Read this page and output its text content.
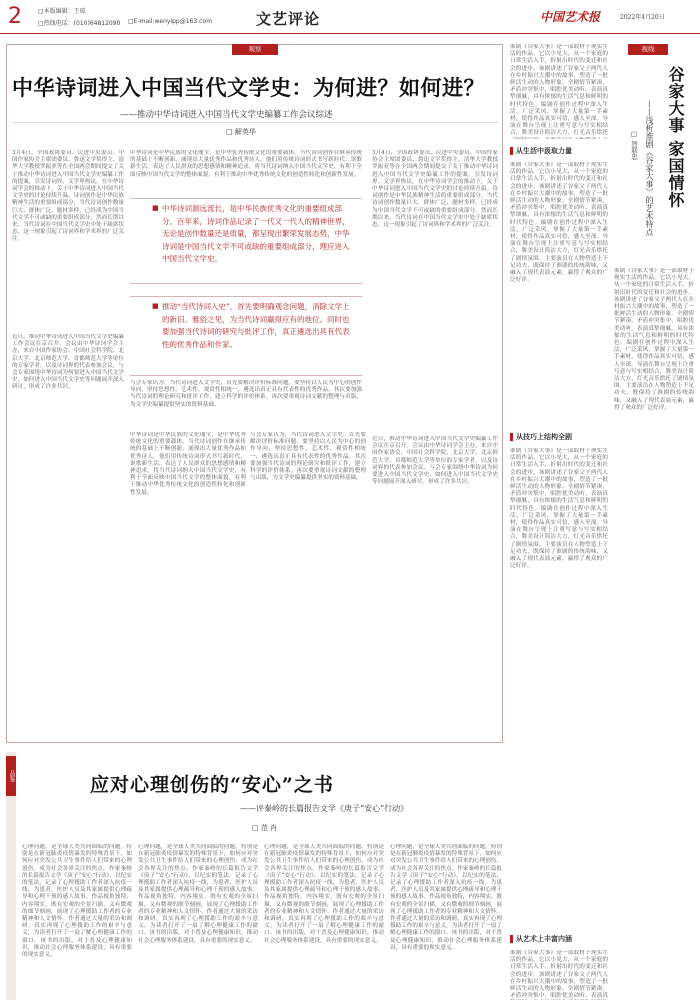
2	□本版编辑：王琼
□热线电话：(010)64812090 □E-mail:wenyipp@163.com	文艺评论	中国艺术报	2022年4月20日
观察
中华诗词进入中国当代文学史：为何进？如何进？
——推动中华诗词进入中国当代文学史编纂工作会议综述
□ 解英华
3月4日，全国政协委员、民进中央委员、中国作家协会主席团委员、鲁迅文学奖得主、清华大学教授罗振亚等在全国两会期间提交了关于推动中华诗词进入中国当代文学史编纂工作的提案，引发诗词界、文学界热议。在中华诗词学会的推动下，关于中华诗词进入中国当代文学史的讨论持续升温。诗词创作是中华民族精神生活的重要组成部分，当代诗词创作数量巨大、群体广泛、题材多样，已经成为中国当代文学不可或缺的重要组成部分。然而长期以来，当代诗词在中国当代文学史中处于缺席状态，这一现象引起了诗词界和学术界的广泛关注。
近日，推动中华诗词进入中国当代文学史编纂工作会议在京召开。会议由中华诗词学会主办，来自中国作家协会、中国社会科学院、北京大学、北京师范大学、首都师范大学等单位的专家学者，以及诗词界的代表参加会议。与会专家围绕中华诗词为何要进入中国当代文学史、如何进入中国当代文学史等问题展开深入研讨，形成了许多共识。
■ 中华诗词源远流长，是中华民族优秀文化的重要组成部分。百年来，诗词作品记录了一代又一代人的精神世界，无论是创作数量还是质量，都呈现出繁荣发展态势，中华诗词是中国当代文学不可或缺的重要组成部分，理应进入中国当代文学史。
■ 推动“当代诗词入史”，首先要明确观念问题，消除文学上的新旧、雅俗之见，为当代诗词赢得应有的地位。同时也要加强当代诗词的研究与批评工作，真正遴选出具有代表性的优秀作品和作家。
中华诗词是中华民族的文化瑰宝，是中华优秀传统文化的重要载体。当代诗词创作在继承传统的基础上不断创新，涌现出大量优秀作品和优秀诗人。他们用传统诗词形式书写新时代、讴歌新生活，表达了人民群众的思想感情和精神追求。将当代诗词纳入中国当代文学史，有利于全面反映中国当代文学的整体面貌，有利于推动中华优秀传统文化的创造性转化和创新性发展。
与会专家认为，当代诗词进入文学史，首先要解决评价标准问题。要坚持以人民为中心的创作导向，坚持思想性、艺术性、观赏性相统一，遴选出真正具有代表性的优秀作品。其次要加强当代诗词的理论研究和批评工作，建立科学的评价体系。再次要重视诗词文献的整理与出版，为文学史编纂提供坚实的资料基础。
3月4日，全国政协委员、民进中央委员、中国作家协会主席团委员、鲁迅文学奖得主、清华大学教授罗振亚等在全国两会期间提交了关于推动中华诗词进入中国当代文学史编纂工作的提案，引发诗词界、文学界热议。在中华诗词学会的推动下，关于中华诗词进入中国当代文学史的讨论持续升温。诗词创作是中华民族精神生活的重要组成部分，当代诗词创作数量巨大、群体广泛、题材多样，已经成为中国当代文学不可或缺的重要组成部分。然而长期以来，当代诗词在中国当代文学史中处于缺席状态，这一现象引起了诗词界和学术界的广泛关注。
中华诗词是中华民族的文化瑰宝，是中华优秀传统文化的重要载体。当代诗词创作在继承传统的基础上不断创新，涌现出大量优秀作品和优秀诗人。他们用传统诗词形式书写新时代、讴歌新生活，表达了人民群众的思想感情和精神追求。将当代诗词纳入中国当代文学史，有利于全面反映中国当代文学的整体面貌，有利于推动中华优秀传统文化的创造性转化和创新性发展。
与会专家认为，当代诗词进入文学史，首先要解决评价标准问题。要坚持以人民为中心的创作导向，坚持思想性、艺术性、观赏性相统一，遴选出真正具有代表性的优秀作品。其次要加强当代诗词的理论研究和批评工作，建立科学的评价体系。再次要重视诗词文献的整理与出版，为文学史编纂提供坚实的资料基础。
近日，推动中华诗词进入中国当代文学史编纂工作会议在京召开。会议由中华诗词学会主办，来自中国作家协会、中国社会科学院、北京大学、北京师范大学、首都师范大学等单位的专家学者，以及诗词界的代表参加会议。与会专家围绕中华诗词为何要进入中国当代文学史、如何进入中国当代文学史等问题展开深入研讨，形成了许多共识。
淮剧《谷家大事》是一部取材于现实生活的作品，它以小见大，从一个家庭的日常生活入手，折射出时代的变迁和社会的进步。该剧讲述了谷家父子两代人在乡村振兴大潮中的故事，塑造了一批鲜活生动的人物形象。全剧情节紧凑，矛盾冲突集中，唱腔优美动听，表演真挚细腻，具有浓郁的生活气息和鲜明的时代特色。编剧在创作过程中深入生活，广泛采风，掌握了大量第一手素材，使得作品真实可信，感人至深。导演在舞台呈现上注重写意与写实相结合，舞美设计简洁大方，灯光音乐烘托
从生活中汲取力量
淮剧《谷家大事》是一部取材于现实生活的作品，它以小见大，从一个家庭的日常生活入手，折射出时代的变迁和社会的进步。该剧讲述了谷家父子两代人在乡村振兴大潮中的故事，塑造了一批鲜活生动的人物形象。全剧情节紧凑，矛盾冲突集中，唱腔优美动听，表演真挚细腻，具有浓郁的生活气息和鲜明的时代特色。编剧在创作过程中深入生活，广泛采风，掌握了大量第一手素材，使得作品真实可信，感人至深。导演在舞台呈现上注重写意与写实相结合，舞美设计简洁大方，灯光音乐烘托了剧情氛围。主要演员在人物塑造上下足功夫，既保持了淮剧的传统韵味，又融入了现代表演元素，赢得了观众的广泛好评。
从技巧上结构全剧
淮剧《谷家大事》是一部取材于现实生活的作品，它以小见大，从一个家庭的日常生活入手，折射出时代的变迁和社会的进步。该剧讲述了谷家父子两代人在乡村振兴大潮中的故事，塑造了一批鲜活生动的人物形象。全剧情节紧凑，矛盾冲突集中，唱腔优美动听，表演真挚细腻，具有浓郁的生活气息和鲜明的时代特色。编剧在创作过程中深入生活，广泛采风，掌握了大量第一手素材，使得作品真实可信，感人至深。导演在舞台呈现上注重写意与写实相结合，舞美设计简洁大方，灯光音乐烘托了剧情氛围。主要演员在人物塑造上下足功夫，既保持了淮剧的传统韵味，又融入了现代表演元素，赢得了观众的广泛好评。
从艺术上丰富内涵
淮剧《谷家大事》是一部取材于现实生活的作品，它以小见大，从一个家庭的日常生活入手，折射出时代的变迁和社会的进步。该剧讲述了谷家父子两代人在乡村振兴大潮中的故事，塑造了一批鲜活生动的人物形象。全剧情节紧凑，矛盾冲突集中，唱腔优美动听，表演真
视线
谷家大事 家国情怀
——浅析淮剧《谷家大事》的艺术特点
□ 智联忠
淮剧《谷家大事》是一部取材于现实生活的作品，它以小见大，从一个家庭的日常生活入手，折射出时代的变迁和社会的进步。该剧讲述了谷家父子两代人在乡村振兴大潮中的故事，塑造了一批鲜活生动的人物形象。全剧情节紧凑，矛盾冲突集中，唱腔优美动听，表演真挚细腻，具有浓郁的生活气息和鲜明的时代特色。编剧在创作过程中深入生活，广泛采风，掌握了大量第一手素材，使得作品真实可信，感人至深。导演在舞台呈现上注重写意与写实相结合，舞美设计简洁大方，灯光音乐烘托了剧情氛围。主要演员在人物塑造上下足功夫，既保持了淮剧的传统韵味，又融入了现代表演元素，赢得了观众的广泛好评。
品鉴	应对心理创伤的“安心”之书
——评秦岭的长篇报告文学《庚子“安心”行动》
□ 范 肖
心理问题，是全球人类共同面临的问题。特别是在新冠肺炎疫情暴发的特殊背景下，如何应对突发公共卫生事件给人们带来的心理创伤，成为社会各界关注的焦点。作家秦岭的长篇报告文学《庚子“安心”行动》，以纪实的笔法，记录了心理援助工作者深入抗疫一线，为患者、医护人员及其家属提供心理疏导和心理干预的感人故事。作品视角独特，内容翔实，既有宏观的全景扫描，又有微观的细节刻画，展现了心理援助工作者的专业精神和人文情怀。作者通过大量的采访和调研，真实再现了心理援助工作的艰辛与意义，为读者打开了一扇了解心理健康工作的窗口。该书的出版，对于普及心理健康知识，推动社会心理服务体系建设，具有重要的现实意义。
心理问题，是全球人类共同面临的问题。特别是在新冠肺炎疫情暴发的特殊背景下，如何应对突发公共卫生事件给人们带来的心理创伤，成为社会各界关注的焦点。作家秦岭的长篇报告文学《庚子“安心”行动》，以纪实的笔法，记录了心理援助工作者深入抗疫一线，为患者、医护人员及其家属提供心理疏导和心理干预的感人故事。作品视角独特，内容翔实，既有宏观的全景扫描，又有微观的细节刻画，展现了心理援助工作者的专业精神和人文情怀。作者通过大量的采访和调研，真实再现了心理援助工作的艰辛与意义，为读者打开了一扇了解心理健康工作的窗口。该书的出版，对于普及心理健康知识，推动社会心理服务体系建设，具有重要的现实意义。
心理问题，是全球人类共同面临的问题。特别是在新冠肺炎疫情暴发的特殊背景下，如何应对突发公共卫生事件给人们带来的心理创伤，成为社会各界关注的焦点。作家秦岭的长篇报告文学《庚子“安心”行动》，以纪实的笔法，记录了心理援助工作者深入抗疫一线，为患者、医护人员及其家属提供心理疏导和心理干预的感人故事。作品视角独特，内容翔实，既有宏观的全景扫描，又有微观的细节刻画，展现了心理援助工作者的专业精神和人文情怀。作者通过大量的采访和调研，真实再现了心理援助工作的艰辛与意义，为读者打开了一扇了解心理健康工作的窗口。该书的出版，对于普及心理健康知识，推动社会心理服务体系建设，具有重要的现实意义。
心理问题，是全球人类共同面临的问题。特别是在新冠肺炎疫情暴发的特殊背景下，如何应对突发公共卫生事件给人们带来的心理创伤，成为社会各界关注的焦点。作家秦岭的长篇报告文学《庚子“安心”行动》，以纪实的笔法，记录了心理援助工作者深入抗疫一线，为患者、医护人员及其家属提供心理疏导和心理干预的感人故事。作品视角独特，内容翔实，既有宏观的全景扫描，又有微观的细节刻画，展现了心理援助工作者的专业精神和人文情怀。作者通过大量的采访和调研，真实再现了心理援助工作的艰辛与意义，为读者打开了一扇了解心理健康工作的窗口。该书的出版，对于普及心理健康知识，推动社会心理服务体系建设，具有重要的现实意义。
